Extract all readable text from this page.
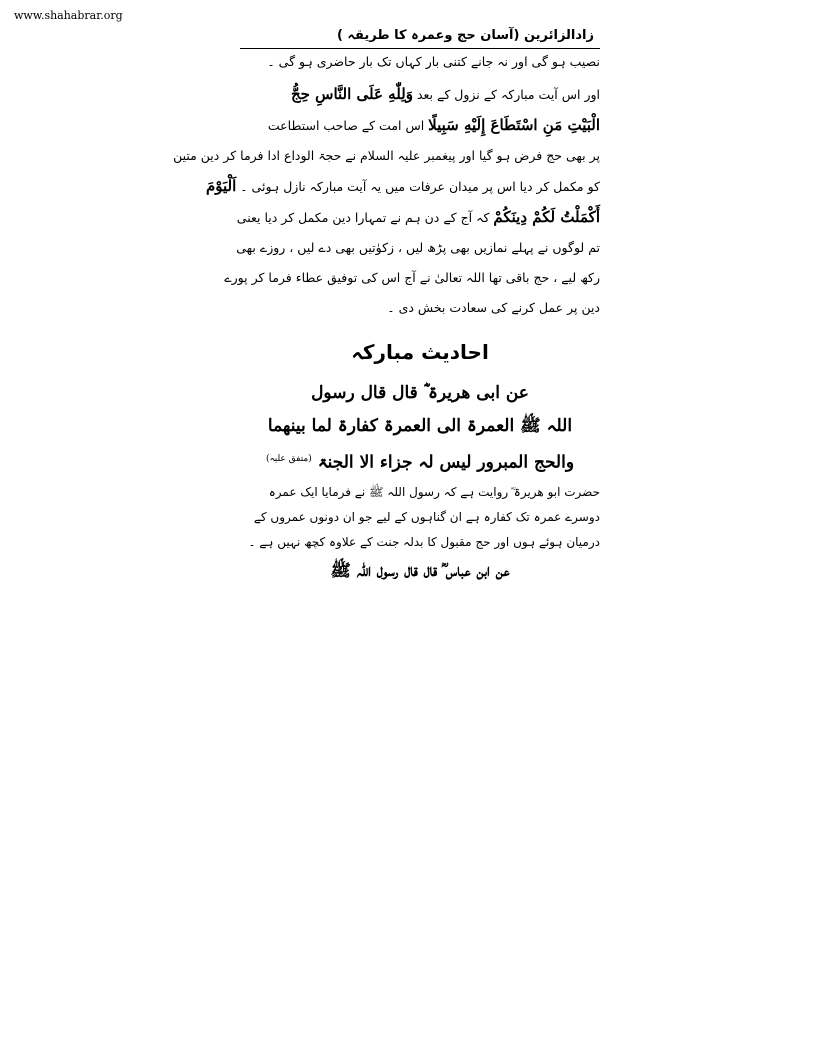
www.shahabrar.org
زادالزائرین (آسان حج وعمرہ کا طریقہ )
نصیب ہو گی اور نہ جانے کتنی بار کہاں تک بار حاضری ہو گی ۔
اور اس آیت مبارکہ کے نزول کے بعد وَلِلّٰهِ عَلَى النَّاسِ حِجُّ
الْبَيْتِ مَنِ اسْتَطَاعَ إِلَيْهِ سَبِيلًا اس امت کے صاحب استطاعت
پر بھی حج فرض ہو گیا اور پیغمبر علیہ السلام نے حجۃ الوداع ادا فرما کر دین متین
کو مکمل کر دیا اس پر میدان عرفات میں یہ آیت مبارکہ نازل ہوئی ۔ اَلْيَوْمَ
أَكْمَلْتُ لَكُمْ دِينَكُمْ کہ آج کے دن ہم نے تمہارا دین مکمل کر دیا یعنی
تم لوگوں نے پہلے نمازیں بھی پڑھ لیں ، زکوٰتیں بھی دے لیں ، روزے بھی
رکھ لیے ، حج باقی تھا اللہ تعالیٰ نے آج اس کی توفیق عطاء فرما کر پورے
دین پر عمل کرنے کی سعادت بخش دی ۔
احادیث مبارکہ
عن ابی ھریرۃ ؓ قال قال رسول
اللہ ﷺ العمرۃ الی العمرۃ کفارۃ لما بینھما
والحج المبرور لیس لہ جزاء الا الجنۃ $^{(متفق علیہ)}$
حضرت ابو ھریرۃ ؓ روایت ہے کہ رسول اللہ ﷺ نے فرمایا ایک عمرہ
دوسرے عمرہ تک کفارہ ہے ان گناہوں کے لیے جو ان دونوں عمروں کے
درمیان ہوئے ہوں اور حج مقبول کا بدلہ جنت کے علاوہ کچھ نہیں ہے ۔
عن ابن عباس ؓ قال قال رسول اللہ ﷺ
